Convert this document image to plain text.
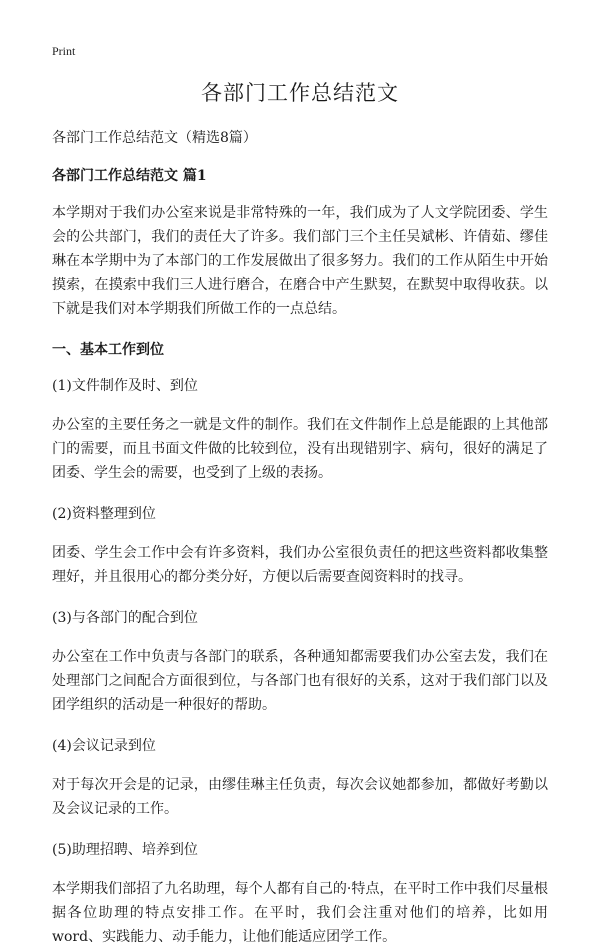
Print
各部门工作总结范文

各部门工作总结范文（精选8篇）

各部门工作总结范文 篇1

本学期对于我们办公室来说是非常特殊的一年，我们成为了人文学院团委、学生会的公共部门，我们的责任大了许多。我们部门三个主任吴斌彬、许倩茹、缪佳琳在本学期中为了本部门的工作发展做出了很多努力。我们的工作从陌生中开始摸索，在摸索中我们三人进行磨合，在磨合中产生默契，在默契中取得收获。以下就是我们对本学期我们所做工作的一点总结。

一、基本工作到位

(1)文件制作及时、到位

办公室的主要任务之一就是文件的制作。我们在文件制作上总是能跟的上其他部门的需要，而且书面文件做的比较到位，没有出现错别字、病句，很好的满足了团委、学生会的需要，也受到了上级的表扬。

(2)资料整理到位

团委、学生会工作中会有许多资料，我们办公室很负责任的把这些资料都收集整理好，并且很用心的都分类分好，方便以后需要查阅资料时的找寻。

(3)与各部门的配合到位

办公室在工作中负责与各部门的联系，各种通知都需要我们办公室去发，我们在处理部门之间配合方面很到位，与各部门也有很好的关系，这对于我们部门以及团学组织的活动是一种很好的帮助。

(4)会议记录到位

对于每次开会是的记录，由缪佳琳主任负责，每次会议她都参加，都做好考勤以及会议记录的工作。

(5)助理招聘、培养到位

本学期我们部招了九名助理，每个人都有自己的·特点，在平时工作中我们尽量根据各位助理的特点安排工作。在平时，我们会注重对他们的培养，比如用word、实践能力、动手能力，让他们能适应团学工作。
